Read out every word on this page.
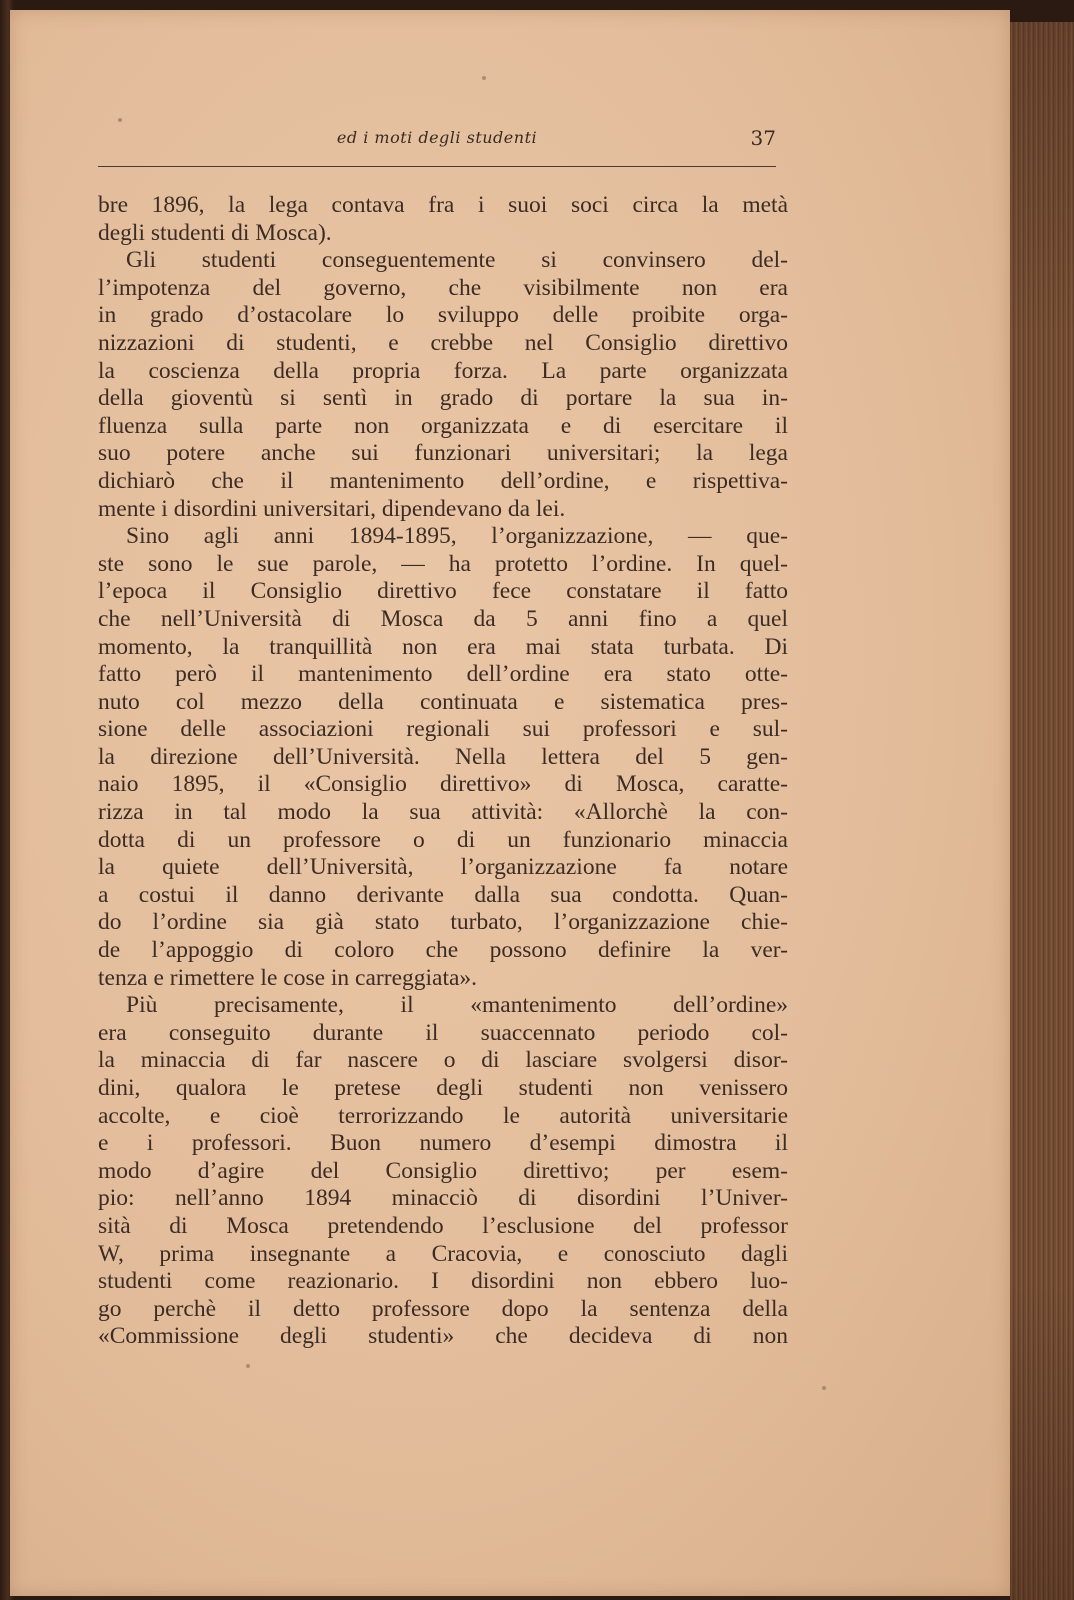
ed i moti degli studenti	37
bre 1896, la lega contava fra i suoi soci circa la metà
degli studenti di Mosca).
Gli studenti conseguentemente si convinsero del-
l’impotenza del governo, che visibilmente non era
in grado d’ostacolare lo sviluppo delle proibite orga-
nizzazioni di studenti, e crebbe nel Consiglio direttivo
la coscienza della propria forza. La parte organizzata
della gioventù si sentì in grado di portare la sua in-
fluenza sulla parte non organizzata e di esercitare il
suo potere anche sui funzionari universitari; la lega
dichiarò che il mantenimento dell’ordine, e rispettiva-
mente i disordini universitari, dipendevano da lei.
Sino agli anni 1894-1895, l’organizzazione, — que-
ste sono le sue parole, — ha protetto l’ordine. In quel-
l’epoca il Consiglio direttivo fece constatare il fatto
che nell’Università di Mosca da 5 anni fino a quel
momento, la tranquillità non era mai stata turbata. Di
fatto però il mantenimento dell’ordine era stato otte-
nuto col mezzo della continuata e sistematica pres-
sione delle associazioni regionali sui professori e sul-
la direzione dell’Università. Nella lettera del 5 gen-
naio 1895, il «Consiglio direttivo» di Mosca, caratte-
rizza in tal modo la sua attività: «Allorchè la con-
dotta di un professore o di un funzionario minaccia
la quiete dell’Università, l’organizzazione fa notare
a costui il danno derivante dalla sua condotta. Quan-
do l’ordine sia già stato turbato, l’organizzazione chie-
de l’appoggio di coloro che possono definire la ver-
tenza e rimettere le cose in carreggiata».
Più precisamente, il «mantenimento dell’ordine»
era conseguito durante il suaccennato periodo col-
la minaccia di far nascere o di lasciare svolgersi disor-
dini, qualora le pretese degli studenti non venissero
accolte, e cioè terrorizzando le autorità universitarie
e i professori. Buon numero d’esempi dimostra il
modo d’agire del Consiglio direttivo; per esem-
pio: nell’anno 1894 minacciò di disordini l’Univer-
sità di Mosca pretendendo l’esclusione del professor
W, prima insegnante a Cracovia, e conosciuto dagli
studenti come reazionario. I disordini non ebbero luo-
go perchè il detto professore dopo la sentenza della
«Commissione degli studenti» che decideva di non
